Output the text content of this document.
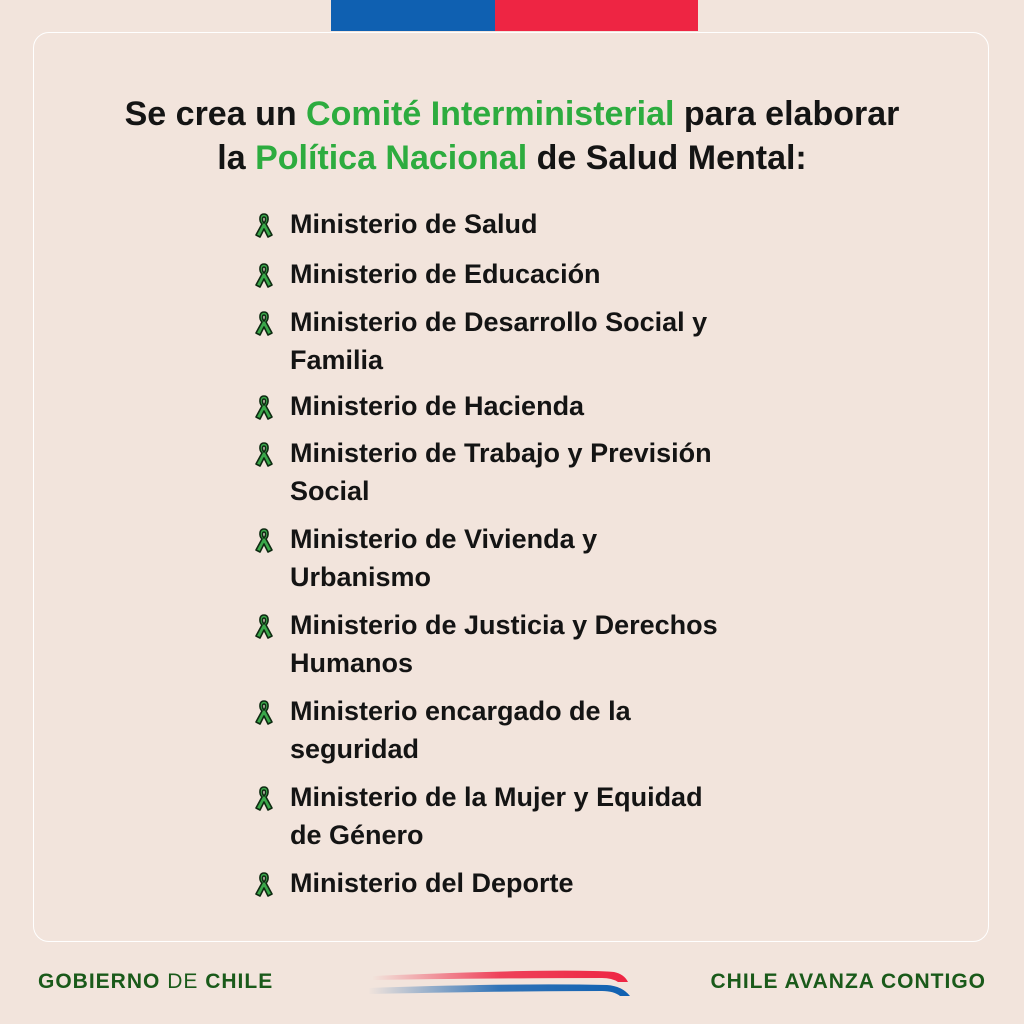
Se crea un Comité Interministerial para elaborar
la Política Nacional de Salud Mental:
Ministerio de Salud
Ministerio de Educación
Ministerio de Desarrollo Social y
Familia
Ministerio de Hacienda
Ministerio de Trabajo y Previsión
Social
Ministerio de Vivienda y
Urbanismo
Ministerio de Justicia y Derechos
Humanos
Ministerio encargado de la
seguridad
Ministerio de la Mujer y Equidad
de Género
Ministerio del Deporte
GOBIERNO DE CHILE	CHILE AVANZA CONTIGO
